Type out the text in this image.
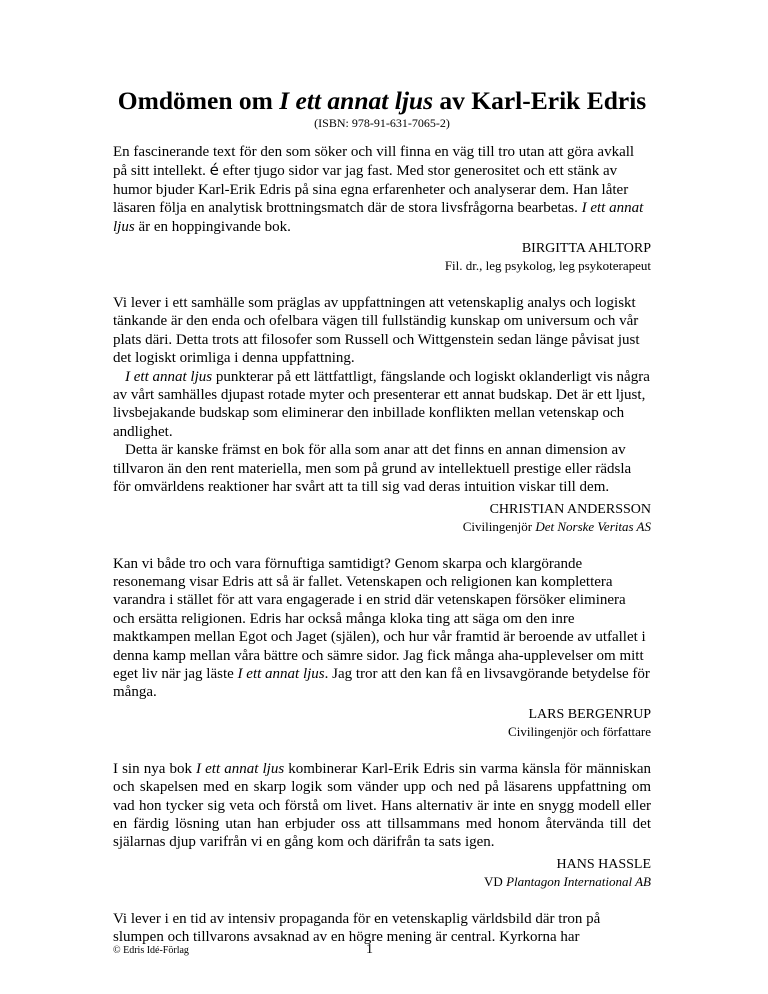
Omdömen om I ett annat ljus av Karl-Erik Edris
(ISBN: 978-91-631-7065-2)

En fascinerande text för den som söker och vill finna en väg till tro utan att göra avkall på sitt intellekt. é efter tjugo sidor var jag fast. Med stor generositet och ett stänk av humor bjuder Karl-Erik Edris på sina egna erfarenheter och analyserar dem. Han låter läsaren följa en analytisk brottningsmatch där de stora livsfrågorna bearbetas. I ett annat ljus är en hoppingivande bok.

BIRGITTA AHLTORP
Fil. dr., leg psykolog, leg psykoterapeut

Vi lever i ett samhälle som präglas av uppfattningen att vetenskaplig analys och logiskt tänkande är den enda och ofelbara vägen till fullständig kunskap om universum och vår plats däri. Detta trots att filosofer som Russell och Wittgenstein sedan länge påvisat just det logiskt orimliga i denna uppfattning.

I ett annat ljus punkterar på ett lättfattligt, fängslande och logiskt oklanderligt vis några av vårt samhälles djupast rotade myter och presenterar ett annat budskap. Det är ett ljust, livsbejakande budskap som eliminerar den inbillade konflikten mellan vetenskap och andlighet.

Detta är kanske främst en bok för alla som anar att det finns en annan dimension av tillvaron än den rent materiella, men som på grund av intellektuell prestige eller rädsla för omvärldens reaktioner har svårt att ta till sig vad deras intuition viskar till dem.

CHRISTIAN ANDERSSON
Civilingenjör Det Norske Veritas AS

Kan vi både tro och vara förnuftiga samtidigt? Genom skarpa och klargörande resonemang visar Edris att så är fallet. Vetenskapen och religionen kan komplettera varandra i stället för att vara engagerade i en strid där vetenskapen försöker eliminera och ersätta religionen. Edris har också många kloka ting att säga om den inre maktkampen mellan Egot och Jaget (själen), och hur vår framtid är beroende av utfallet i denna kamp mellan våra bättre och sämre sidor. Jag fick många aha-upplevelser om mitt eget liv när jag läste I ett annat ljus. Jag tror att den kan få en livsavgörande betydelse för många.

LARS BERGENRUP
Civilingenjör och författare

I sin nya bok I ett annat ljus kombinerar Karl-Erik Edris sin varma känsla för människan och skapelsen med en skarp logik som vänder upp och ned på läsarens uppfattning om vad hon tycker sig veta och förstå om livet. Hans alternativ är inte en snygg modell eller en färdig lösning utan han erbjuder oss att tillsammans med honom återvända till det själarnas djup varifrån vi en gång kom och därifrån ta sats igen.

HANS HASSLE
VD Plantagon International AB

Vi lever i en tid av intensiv propaganda för en vetenskaplig världsbild där tron på slumpen och tillvarons avsaknad av en högre mening är central. Kyrkorna har

© Edris Idé-Förlag	1
